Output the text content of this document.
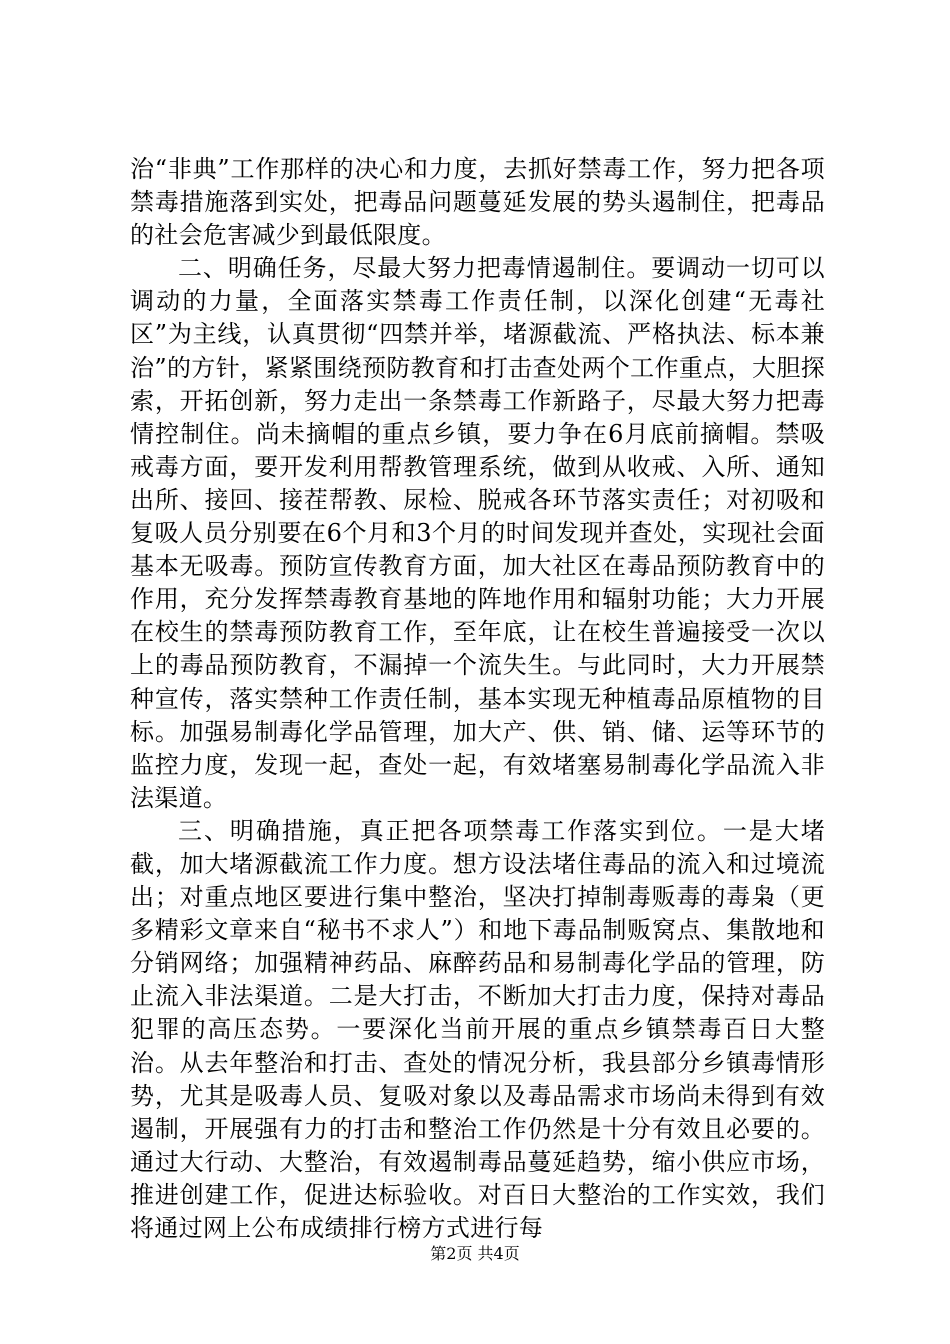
治“非典”工作那样的决心和力度，去抓好禁毒工作，努力把各项禁毒措施落到实处，把毒品问题蔓延发展的势头遏制住，把毒品的社会危害减少到最低限度。

二、明确任务，尽最大努力把毒情遏制住。要调动一切可以调动的力量，全面落实禁毒工作责任制，以深化创建“无毒社区”为主线，认真贯彻“四禁并举，堵源截流、严格执法、标本兼治”的方针，紧紧围绕预防教育和打击查处两个工作重点，大胆探索，开拓创新，努力走出一条禁毒工作新路子，尽最大努力把毒情控制住。尚未摘帽的重点乡镇，要力争在6月底前摘帽。禁吸戒毒方面，要开发利用帮教管理系统，做到从收戒、入所、通知出所、接回、接茬帮教、尿检、脱戒各环节落实责任；对初吸和复吸人员分别要在6个月和3个月的时间发现并查处，实现社会面基本无吸毒。预防宣传教育方面，加大社区在毒品预防教育中的作用，充分发挥禁毒教育基地的阵地作用和辐射功能；大力开展在校生的禁毒预防教育工作，至年底，让在校生普遍接受一次以上的毒品预防教育，不漏掉一个流失生。与此同时，大力开展禁种宣传，落实禁种工作责任制，基本实现无种植毒品原植物的目标。加强易制毒化学品管理，加大产、供、销、储、运等环节的监控力度，发现一起，查处一起，有效堵塞易制毒化学品流入非法渠道。

三、明确措施，真正把各项禁毒工作落实到位。一是大堵截，加大堵源截流工作力度。想方设法堵住毒品的流入和过境流出；对重点地区要进行集中整治，坚决打掉制毒贩毒的毒枭（更多精彩文章来自“秘书不求人”）和地下毒品制贩窝点、集散地和分销网络；加强精神药品、麻醉药品和易制毒化学品的管理，防止流入非法渠道。二是大打击，不断加大打击力度，保持对毒品犯罪的高压态势。一要深化当前开展的重点乡镇禁毒百日大整治。从去年整治和打击、查处的情况分析，我县部分乡镇毒情形势，尤其是吸毒人员、复吸对象以及毒品需求市场尚未得到有效遏制，开展强有力的打击和整治工作仍然是十分有效且必要的。通过大行动、大整治，有效遏制毒品蔓延趋势，缩小供应市场，推进创建工作，促进达标验收。对百日大整治的工作实效，我们将通过网上公布成绩排行榜方式进行每

第2页 共4页
